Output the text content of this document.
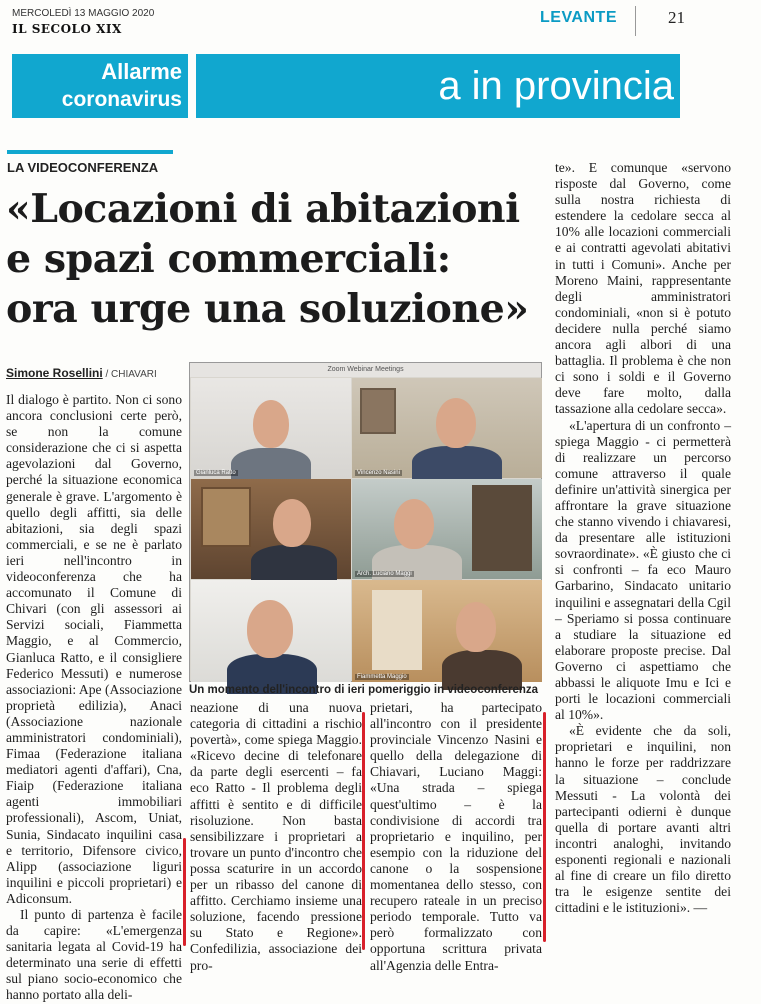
MERCOLEDÌ 13 MAGGIO 2020
IL SECOLO XIX
LEVANTE	21
Allarme
coronavirus	a in provincia
LA VIDEOCONFERENZA
«Locazioni di abitazioni
e spazi commerciali:
ora urge una soluzione»
Simone Rosellini / CHIAVARI

Il dialogo è partito. Non ci sono ancora conclusioni certe però, se non la comune considerazione che ci si aspetta agevolazioni dal Governo, perché la situazione economica generale è grave. L'argomento è quello degli affitti, sia delle abitazioni, sia degli spazi commerciali, e se ne è parlato ieri nell'incontro in videoconferenza che ha accomunato il Comune di Chivari (con gli assessori ai Servizi sociali, Fiammetta Maggio, e al Commercio, Gianluca Ratto, e il consigliere Federico Messuti) e numerose associazioni: Ape (Associazione proprietà edilizia), Anaci (Associazione nazionale amministratori condominiali), Fimaa (Federazione italiana mediatori agenti d'affari), Cna, Fiaip (Federazione italiana agenti immobiliari professionali), Ascom, Uniat, Sunia, Sindacato inquilini casa e territorio, Difensore civico, Alipp (associazione liguri inquilini e piccoli proprietari) e Adiconsum.

Il punto di partenza è facile da capire: «L'emergenza sanitaria legata al Covid-19 ha determinato una serie di effetti sul piano socio-economico che hanno portato alla deli-

Zoom Webinar Meetings
Gianluca Ratto	Vincenzo Nasini
Arch. Luciano Maggi
Fiammetta Maggio
Un momento dell'incontro di ieri pomeriggio in videoconferenza

neazione di una nuova categoria di cittadini a rischio povertà», come spiega Maggio. «Ricevo decine di telefonare da parte degli esercenti – fa eco Ratto - Il problema degli affitti è sentito e di difficile risoluzione. Non basta sensibilizzare i proprietari a trovare un punto d'incontro che possa scaturire in un accordo per un ribasso del canone di affitto. Cerchiamo insieme una soluzione, facendo pressione su Stato e Regione». Confedilizia, associazione dei pro-

prietari, ha partecipato all'incontro con il presidente provinciale Vincenzo Nasini e quello della delegazione di Chiavari, Luciano Maggi: «Una strada – spiega quest'ultimo – è la condivisione di accordi tra proprietario e inquilino, per esempio con la riduzione del canone o la sospensione momentanea dello stesso, con recupero rateale in un preciso periodo temporale. Tutto va però formalizzato con opportuna scrittura privata all'Agenzia delle Entra-

te». E comunque «servono risposte dal Governo, come sulla nostra richiesta di estendere la cedolare secca al 10% alle locazioni commerciali e ai contratti agevolati abitativi in tutti i Comuni». Anche per Moreno Maini, rappresentante degli amministratori condominiali, «non si è potuto decidere nulla perché siamo ancora agli albori di una battaglia. Il problema è che non ci sono i soldi e il Governo deve fare molto, dalla tassazione alla cedolare secca».

«L'apertura di un confronto – spiega Maggio - ci permetterà di realizzare un percorso comune attraverso il quale definire un'attività sinergica per affrontare la grave situazione che stanno vivendo i chiavaresi, da presentare alle istituzioni sovraordinate». «È giusto che ci si confronti – fa eco Mauro Garbarino, Sindacato unitario inquilini e assegnatari della Cgil – Speriamo si possa continuare a studiare la situazione ed elaborare proposte precise. Dal Governo ci aspettiamo che abbassi le aliquote Imu e Ici e porti le locazioni commerciali al 10%».

«È evidente che da soli, proprietari e inquilini, non hanno le forze per raddrizzare la situazione – conclude Messuti - La volontà dei partecipanti odierni è dunque quella di portare avanti altri incontri analoghi, invitando esponenti regionali e nazionali al fine di creare un filo diretto tra le esigenze sentite dei cittadini e le istituzioni». —
